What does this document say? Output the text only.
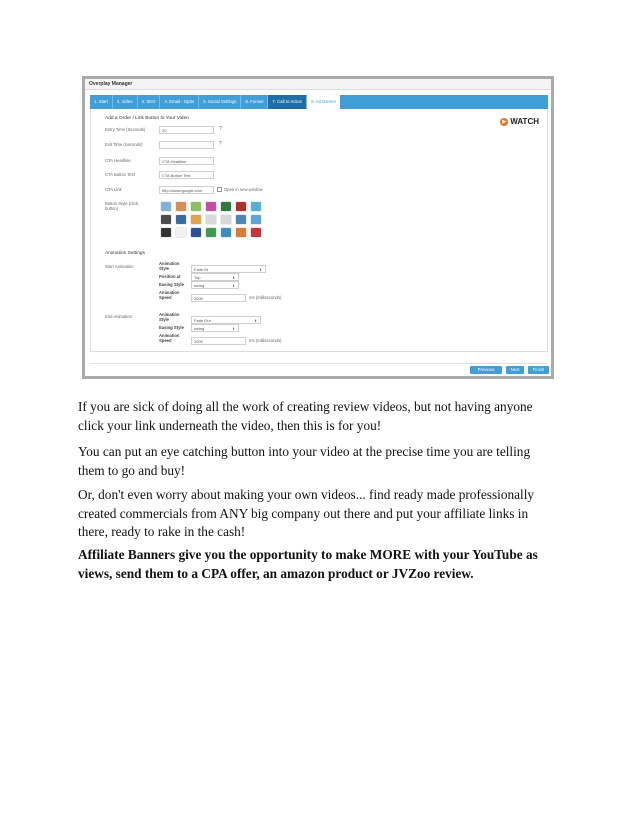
Overplay Manager
1. Start	2. Video	3. SEO	4. Email - OptIn	5. Social Settings	6. Funnel	7. Call to Action	8. Ad Banner
Add a Order / Link Button to Your Video	▶ WATCH
Entry Time (Seconds)	20	?
Exit Time (Seconds)	?
CTA Headline	CTA Headline
CTA Button Text	CTA Button Text
CTA Link	http://www.google.com	Open in new window
Button Style (click button)
Animation Settings
Start Animation
Animation Style	Fade IN	⬍
Position at	Top	⬍
Easing Style	swing	⬍
Animation Speed	1000	ms (milliseconds)
End Animation	Animation Style	Fade Out	⬍
Easing Style	swing	⬍
Animation Speed	1000	ms (milliseconds)
Previous	Next	Finish

If you are sick of doing all the work of creating review videos, but not having anyone click your link underneath the video, then this is for you!

You can put an eye catching button into your video at the precise time you are telling them to go and buy!

Or, don't even worry about making your own videos... find ready made professionally created commercials from ANY big company out there and put your affiliate links in there, ready to rake in the cash!

Affiliate Banners give you the opportunity to make MORE with your YouTube as views, send them to a CPA offer, an amazon product or JVZoo review.
